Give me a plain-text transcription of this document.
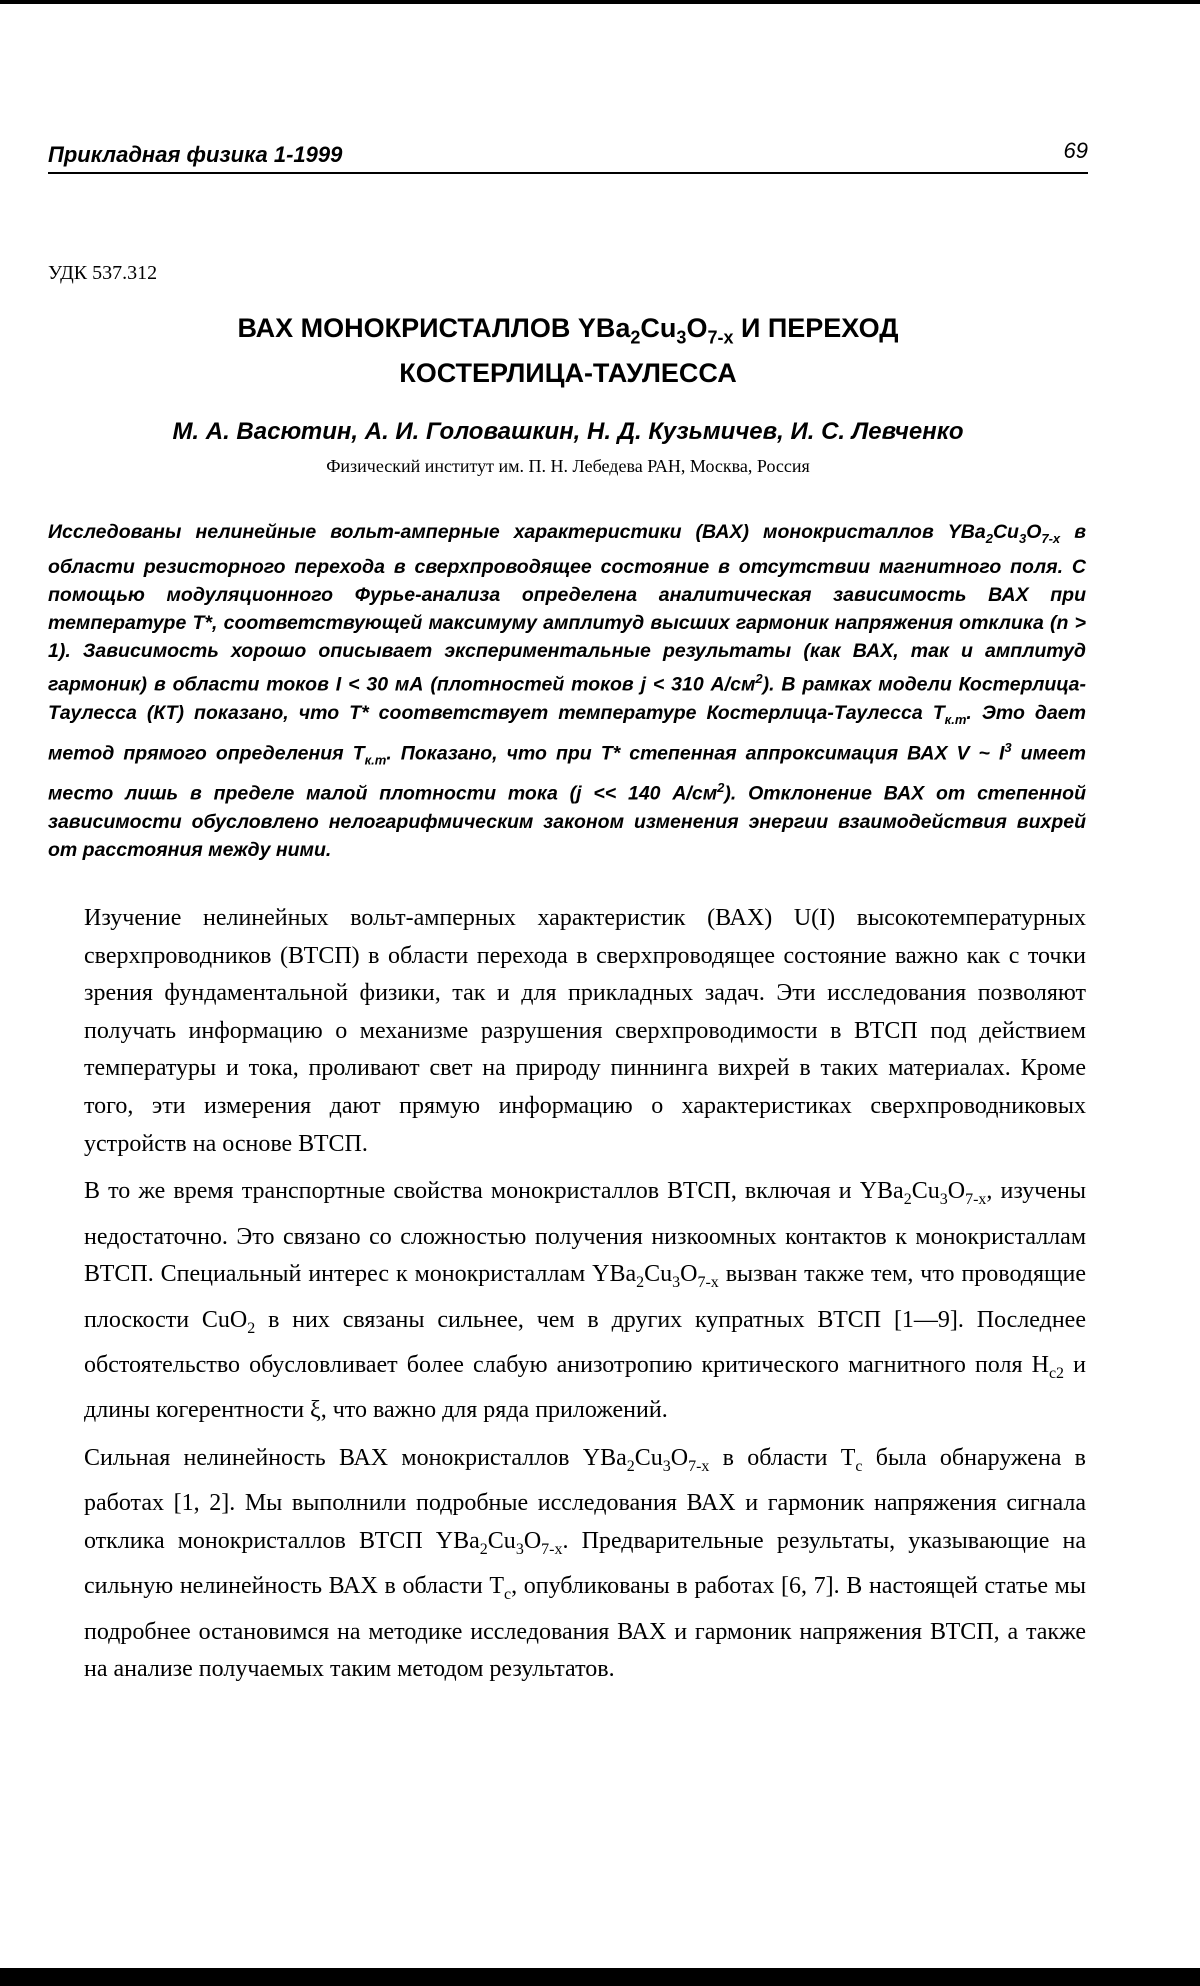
Прикладная физика 1-1999	69
УДК 537.312
ВАХ МОНОКРИСТАЛЛОВ $YBa_2Cu_3O_{7-x}$ И ПЕРЕХОД
КОСТЕРЛИЦА-ТАУЛЕССА
М. А. Васютин, А. И. Головашкин, Н. Д. Кузьмичев, И. С. Левченко
Физический институт им. П. Н. Лебедева РАН, Москва, Россия
Исследованы нелинейные вольт-амперные характеристики (ВАХ) монокристаллов $YBa_2Cu_3O_{7-x}$ в области резисторного перехода в сверхпроводящее состояние в отсутствии магнитного поля. С помощью модуляционного Фурье-анализа определена аналитическая зависимость ВАХ при температуре Т*, соответствующей максимуму амплитуд высших гармоник напряжения отклика (n > 1). Зависимость хорошо описывает экспериментальные результаты (как ВАХ, так и амплитуд гармоник) в области токов I < 30 мА (плотностей токов j < 310 $А/см^2$). В рамках модели Костерлица-Таулесса (КТ) показано, что Т* соответствует температуре Костерлица-Таулесса $Т_{к.т}$. Это дает метод прямого определения $Т_{к.т}$. Показано, что при Т* степенная аппроксимация ВАХ V ~ $I^3$ имеет место лишь в пределе малой плотности тока (j << 140 $А/см^2$). Отклонение ВАХ от степенной зависимости обусловлено нелогарифмическим законом изменения энергии взаимодействия вихрей от расстояния между ними.

Изучение нелинейных вольт-амперных характеристик (ВАХ) U(I) высокотемпературных сверхпроводников (ВТСП) в области перехода в сверхпроводящее состояние важно как с точки зрения фундаментальной физики, так и для прикладных задач. Эти исследования позволяют получать информацию о механизме разрушения сверхпроводимости в ВТСП под действием температуры и тока, проливают свет на природу пиннинга вихрей в таких материалах. Кроме того, эти измерения дают прямую информацию о характеристиках сверхпроводниковых устройств на основе ВТСП.

В то же время транспортные свойства монокристаллов ВТСП, включая и $YBa_2Cu_3O_{7-x}$, изучены недостаточно. Это связано со сложностью получения низкоомных контактов к монокристаллам ВТСП. Специальный интерес к монокристаллам $YBa_2Cu_3O_{7-x}$ вызван также тем, что проводящие плоскости CuO$_2$ в них связаны сильнее, чем в других купратных ВТСП [1—9]. Последнее обстоятельство обусловливает более слабую анизотропию критического магнитного поля $H_{c2}$ и длины когерентности ξ, что важно для ряда приложений.

Сильная нелинейность ВАХ монокристаллов $YBa_2Cu_3O_{7-x}$ в области $T_c$ была обнаружена в работах [1, 2]. Мы выполнили подробные исследования ВАХ и гармоник напряжения сигнала отклика монокристаллов ВТСП $YBa_2Cu_3O_{7-x}$. Предварительные результаты, указывающие на сильную нелинейность ВАХ в области $T_c$, опубликованы в работах [6, 7]. В настоящей статье мы подробнее остановимся на методике исследования ВАХ и гармоник напряжения ВТСП, а также на анализе получаемых таким методом результатов.
